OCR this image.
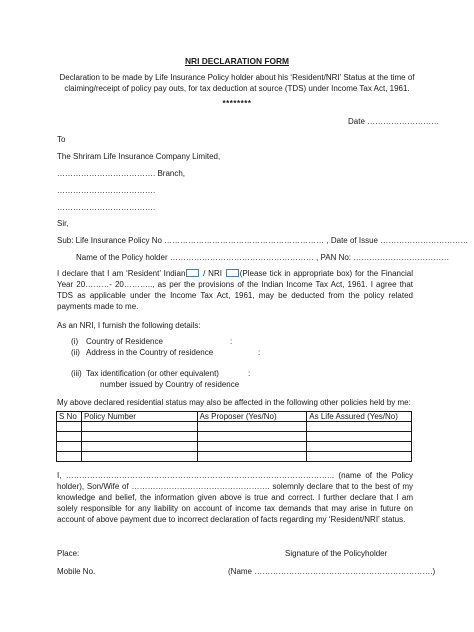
NRI DECLARATION FORM
Declaration to be made by Life Insurance Policy holder about his ‘Resident/NRI’ Status at the time of claiming/receipt of policy pay outs, for tax deduction at source (TDS) under Income Tax Act, 1961.
********
Date ………………………
To
The Shriram Life Insurance Company Limited,
………………………………. Branch,
……………………………….
……………………………….
Sir,
Sub: Life Insurance Policy No …………………………………………………… , Date of Issue ……………………………
Name of the Policy holder ……………………………………………… , PAN No: ………………………………
I declare that I am ‘Resident’ Indian / NRI (Please tick in appropriate box) for the Financial Year 20………- 20……….., as per the provisions of the Indian Income Tax Act, 1961. I agree that TDS as applicable under the Income Tax Act, 1961, may be deducted from the policy related payments made to me.
As an NRI, I furnish the following details:
(i) Country of Residence	:
(ii) Address in the Country of residence	:
(iii) Tax identification (or other equivalent)	:
number issued by Country of residence
My above declared residential status may also be affected in the following other policies held by me:
S No	Policy Number	As Proposer (Yes/No)	As Life Assured (Yes/No)

I, ……………………………………………………………………………………….. (name of the Policy holder), Son/Wife of ……………………………………………. solemnly declare that to the best of my knowledge and belief, the information given above is true and correct. I further declare that I am solely responsible for any liability on account of income tax demands that may arise in future on account of above payment due to incorrect declaration of facts regarding my ‘Resident/NRI’ status.
Place:	Signature of the Policyholder
Mobile No.	(Name ………………………………………………………….)
